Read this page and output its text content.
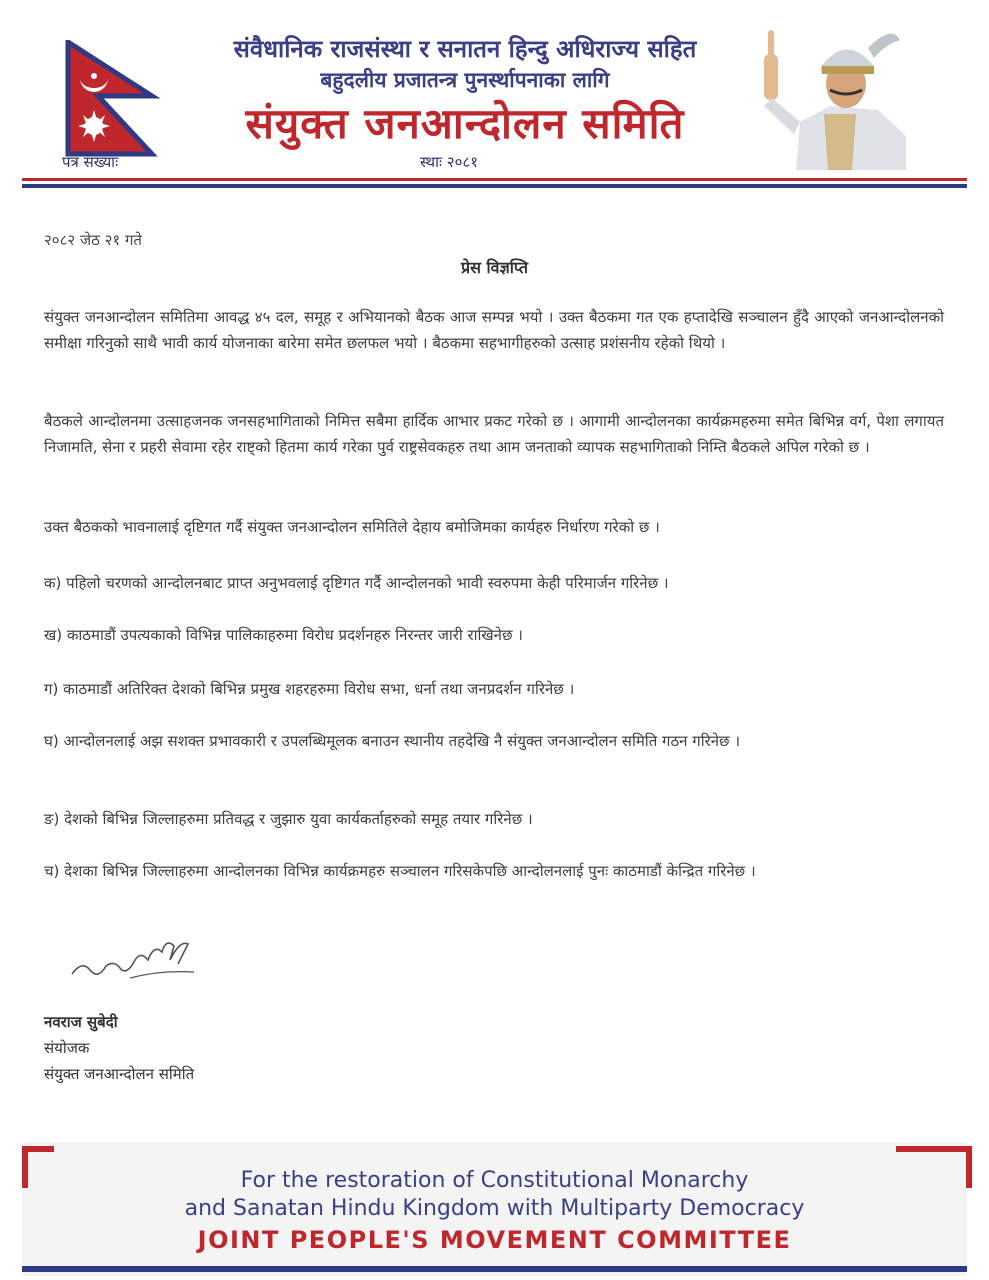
संवैधानिक राजसंस्था र सनातन हिन्दु अधिराज्य सहित
बहुदलीय प्रजातन्त्र पुनर्स्थापनाका लागि
संयुक्त जनआन्दोलन समिति
पत्र संख्याः	स्थाः २०८१
२०८२ जेठ २१ गते
प्रेस विज्ञप्ति

संयुक्त जनआन्दोलन समितिमा आवद्ध ४५ दल, समूह र अभियानको बैठक आज सम्पन्न भयो । उक्त बैठकमा गत एक हप्तादेखि सञ्चालन हुँदै आएको जनआन्दोलनको समीक्षा गरिनुको साथै भावी कार्य योजनाका बारेमा समेत छलफल भयो । बैठकमा सहभागीहरुको उत्साह प्रशंसनीय रहेको थियो ।

बैठकले आन्दोलनमा उत्साहजनक जनसहभागिताको निमित्त सबैमा हार्दिक आभार प्रकट गरेको छ । आगामी आन्दोलनका कार्यक्रमहरुमा समेत बिभिन्न वर्ग, पेशा लगायत निजामति, सेना र प्रहरी सेवामा रहेर राष्ट्को हितमा कार्य गरेका पुर्व राष्ट्रसेवकहरु तथा आम जनताको व्यापक सहभागिताको निम्ति बैठकले अपिल गरेको छ ।

उक्त बैठकको भावनालाई दृष्टिगत गर्दै संयुक्त जनआन्दोलन समितिले देहाय बमोजिमका कार्यहरु निर्धारण गरेको छ ।

क) पहिलो चरणको आन्दोलनबाट प्राप्त अनुभवलाई दृष्टिगत गर्दै आन्दोलनको भावी स्वरुपमा केही परिमार्जन गरिनेछ ।

ख) काठमाडौं उपत्यकाको विभिन्न पालिकाहरुमा विरोध प्रदर्शनहरु निरन्तर जारी राखिनेछ ।

ग) काठमाडौं अतिरिक्त देशको बिभिन्न प्रमुख शहरहरुमा विरोध सभा, धर्ना तथा जनप्रदर्शन गरिनेछ ।

घ) आन्दोलनलाई अझ सशक्त प्रभावकारी र उपलब्धिमूलक बनाउन स्थानीय तहदेखि नै संयुक्त जनआन्दोलन समिति गठन गरिनेछ ।

ङ) देशको बिभिन्न जिल्लाहरुमा प्रतिवद्ध र जुझारु युवा कार्यकर्ताहरुको समूह तयार गरिनेछ ।

च) देशका बिभिन्न जिल्लाहरुमा आन्दोलनका विभिन्न कार्यक्रमहरु सञ्चालन गरिसकेपछि आन्दोलनलाई पुनः काठमाडौं केन्द्रित गरिनेछ ।

नवराज सुबेदी
संयोजक
संयुक्त जनआन्दोलन समिति
For the restoration of Constitutional Monarchy
and Sanatan Hindu Kingdom with Multiparty Democracy
JOINT PEOPLE'S MOVEMENT COMMITTEE
